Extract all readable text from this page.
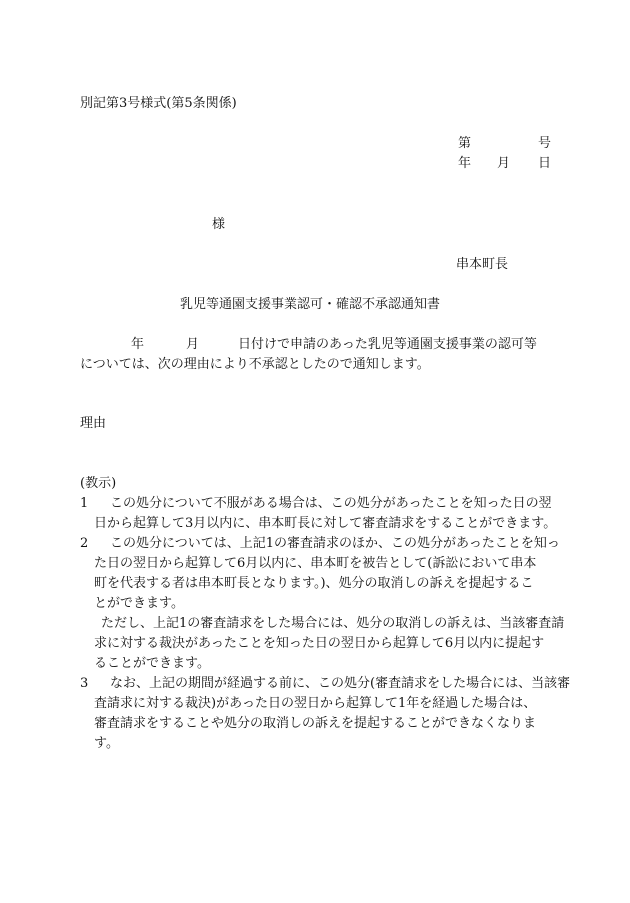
別記第3号様式(第5条関係)
第	号
年 月 日
様
串本町長
乳児等通園支援事業認可・確認不承認通知書
年	月	日付けで申請のあった乳児等通園支援事業の認可等
については、次の理由により不承認としたので通知します。
理由
(教示)
1 この処分について不服がある場合は、この処分があったことを知った日の翌
日から起算して3月以内に、串本町長に対して審査請求をすることができます。
2 この処分については、上記1の審査請求のほか、この処分があったことを知っ
た日の翌日から起算して6月以内に、串本町を被告として(訴訟において串本
町を代表する者は串本町長となります。)、処分の取消しの訴えを提起するこ
とができます。
ただし、上記1の審査請求をした場合には、処分の取消しの訴えは、当該審査請
求に対する裁決があったことを知った日の翌日から起算して6月以内に提起す
ることができます。
3 なお、上記の期間が経過する前に、この処分(審査請求をした場合には、当該審
査請求に対する裁決)があった日の翌日から起算して1年を経過した場合は、
審査請求をすることや処分の取消しの訴えを提起することができなくなりま
す。
